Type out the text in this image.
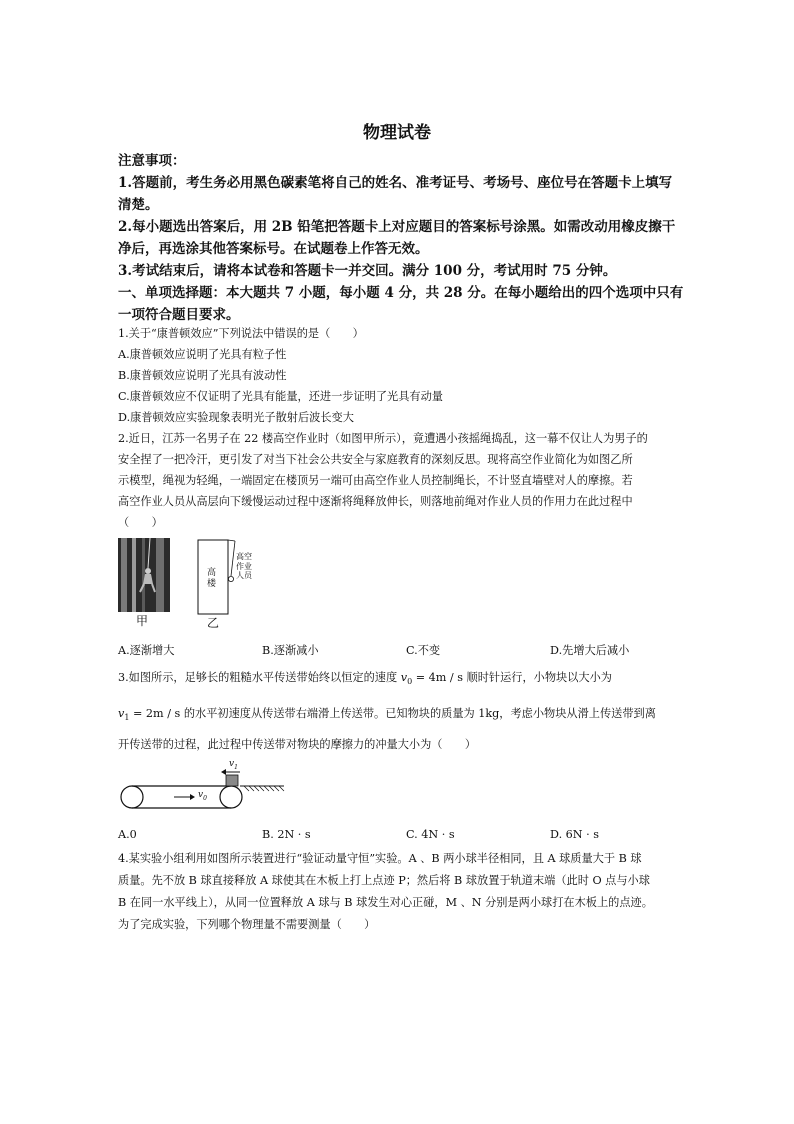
物理试卷
注意事项：
1.答题前，考生务必用黑色碳素笔将自己的姓名、准考证号、考场号、座位号在答题卡上填写
清楚。
2.每小题选出答案后，用 2B 铅笔把答题卡上对应题目的答案标号涂黑。如需改动用橡皮擦干
净后，再选涂其他答案标号。在试题卷上作答无效。
3.考试结束后，请将本试卷和答题卡一并交回。满分 100 分，考试用时 75 分钟。
一、单项选择题：本大题共 7 小题，每小题 4 分，共 28 分。在每小题给出的四个选项中只有
一项符合题目要求。
1.关于“康普顿效应”下列说法中错误的是（　　）
A.康普顿效应说明了光具有粒子性
B.康普顿效应说明了光具有波动性
C.康普顿效应不仅证明了光具有能量，还进一步证明了光具有动量
D.康普顿效应实验现象表明光子散射后波长变大
2.近日，江苏一名男子在 22 楼高空作业时（如图甲所示），竟遭遇小孩摇绳捣乱，这一幕不仅让人为男子的
安全捏了一把冷汗，更引发了对当下社会公共安全与家庭教育的深刻反思。现将高空作业简化为如图乙所
示模型，绳视为轻绳，一端固定在楼顶另一端可由高空作业人员控制绳长，不计竖直墙壁对人的摩擦。若
高空作业人员从高层向下缓慢运动过程中逐渐将绳释放伸长，则落地前绳对作业人员的作用力在此过程中
（　　）
甲
高
楼
高空
作业
人员
乙
A.逐渐增大	B.逐渐减小	C.不变	D.先增大后减小
3.如图所示，足够长的粗糙水平传送带始终以恒定的速度 $v_0 = 4m / s$ 顺时针运行，小物块以大小为
$v_1 = 2m / s$ 的水平初速度从传送带右端滑上传送带。已知物块的质量为 1kg，考虑小物块从滑上传送带到离
开传送带的过程，此过程中传送带对物块的摩擦力的冲量大小为（　　）
$v_0$
$v_1$
A.0	B. 2N · s	C. 4N · s	D. 6N · s
4.某实验小组利用如图所示装置进行“验证动量守恒”实验。A 、B 两小球半径相同，且 A 球质量大于 B 球
质量。先不放 B 球直接释放 A 球使其在木板上打上点迹 P；然后将 B 球放置于轨道末端（此时 O 点与小球
B 在同一水平线上），从同一位置释放 A 球与 B 球发生对心正碰，M 、N 分别是两小球打在木板上的点迹。
为了完成实验，下列哪个物理量不需要测量（　　）
